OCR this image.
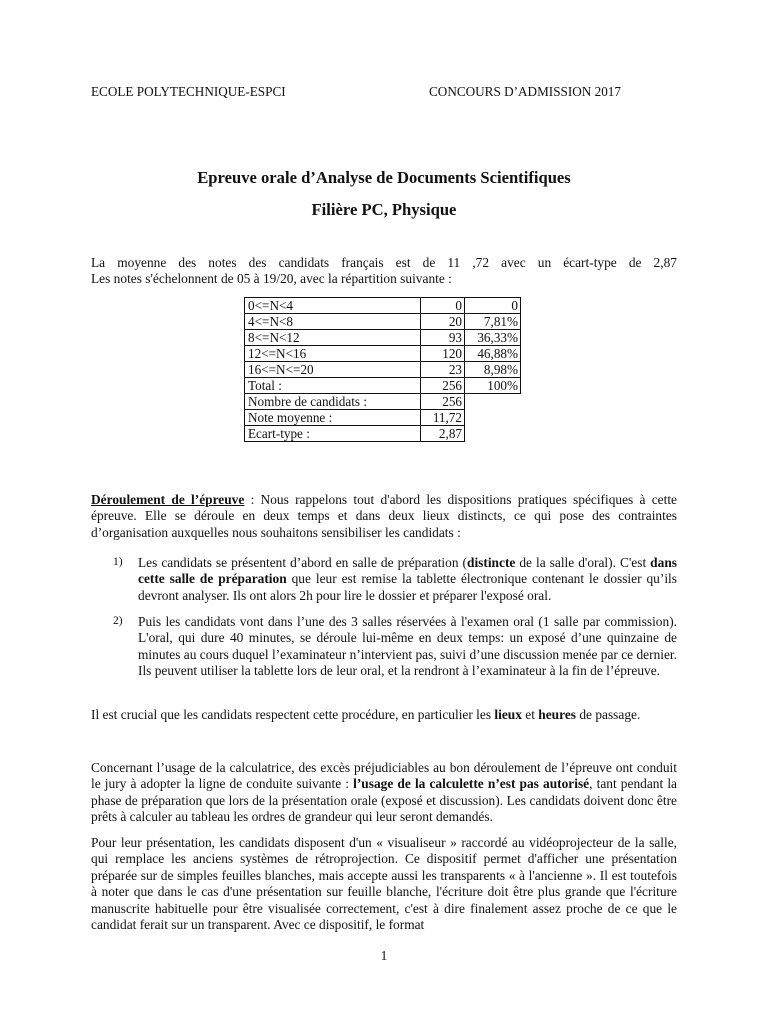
ECOLE POLYTECHNIQUE-ESPCI	CONCOURS D’ADMISSION 2017
Epreuve orale d’Analyse de Documents Scientifiques
Filière PC, Physique
La moyenne des notes des candidats français est de 11 ,72 avec un écart-type de 2,87
Les notes s'échelonnent de 05 à 19/20, avec la répartition suivante :
0<=N<4	0	0
4<=N<8	20	7,81%
8<=N<12	93	36,33%
12<=N<16	120	46,88%
16<=N<=20	23	8,98%
Total :	256	100%
Nombre de candidats :	256	
Note moyenne :	11,72	
Ecart-type :	2,87	

Déroulement de l’épreuve : Nous rappelons tout d'abord les dispositions pratiques spécifiques à cette épreuve. Elle se déroule en deux temps et dans deux lieux distincts, ce qui pose des contraintes d’organisation auxquelles nous souhaitons sensibiliser les candidats :

1) Les candidats se présentent d’abord en salle de préparation (distincte de la salle d'oral). C'est dans cette salle de préparation que leur est remise la tablette électronique contenant le dossier qu’ils devront analyser. Ils ont alors 2h pour lire le dossier et préparer l'exposé oral.

2) Puis les candidats vont dans l’une des 3 salles réservées à l'examen oral (1 salle par commission). L'oral, qui dure 40 minutes, se déroule lui-même en deux temps: un exposé d’une quinzaine de minutes au cours duquel l’examinateur n’intervient pas, suivi d’une discussion menée par ce dernier. Ils peuvent utiliser la tablette lors de leur oral, et la rendront à l’examinateur à la fin de l’épreuve.

Il est crucial que les candidats respectent cette procédure, en particulier les lieux et heures de passage.

Concernant l’usage de la calculatrice, des excès préjudiciables au bon déroulement de l’épreuve ont conduit le jury à adopter la ligne de conduite suivante : l’usage de la calculette n’est pas autorisé, tant pendant la phase de préparation que lors de la présentation orale (exposé et discussion). Les candidats doivent donc être prêts à calculer au tableau les ordres de grandeur qui leur seront demandés.

Pour leur présentation, les candidats disposent d'un « visualiseur » raccordé au vidéoprojecteur de la salle, qui remplace les anciens systèmes de rétroprojection. Ce dispositif permet d'afficher une présentation préparée sur de simples feuilles blanches, mais accepte aussi les transparents « à l'ancienne ». Il est toutefois à noter que dans le cas d'une présentation sur feuille blanche, l'écriture doit être plus grande que l'écriture manuscrite habituelle pour être visualisée correctement, c'est à dire finalement assez proche de ce que le candidat ferait sur un transparent. Avec ce dispositif, le format

1
